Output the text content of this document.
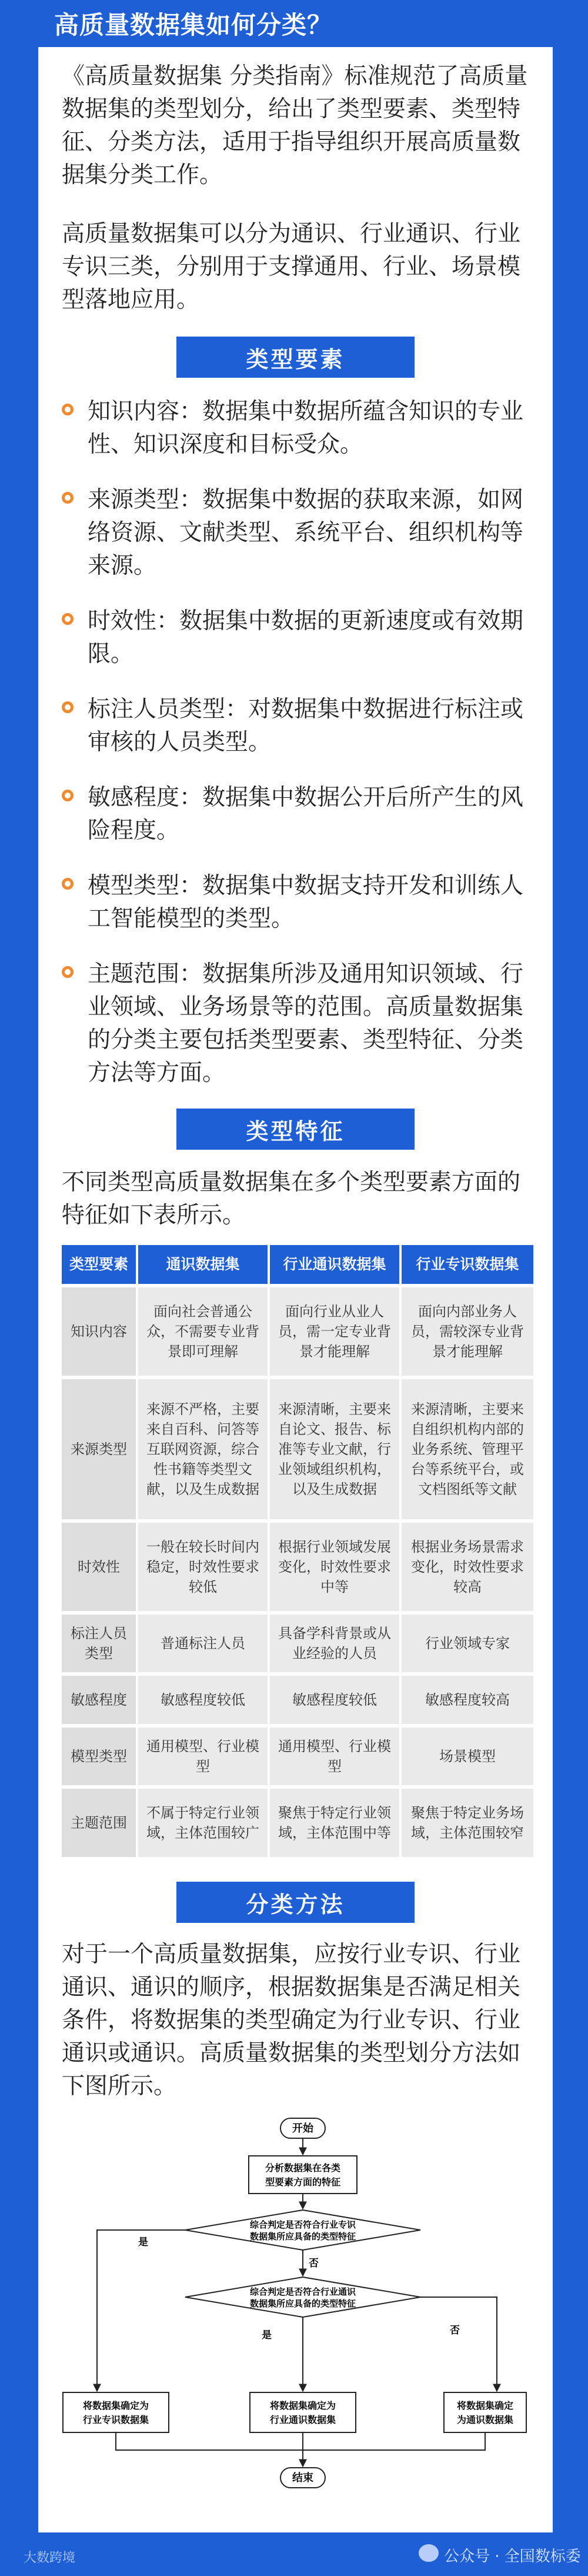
高质量数据集如何分类？

《高质量数据集 分类指南》标准规范了高质量数据集的类型划分，给出了类型要素、类型特征、分类方法，适用于指导组织开展高质量数据集分类工作。

高质量数据集可以分为通识、行业通识、行业专识三类，分别用于支撑通用、行业、场景模型落地应用。

类型要素

知识内容：数据集中数据所蕴含知识的专业性、知识深度和目标受众。

来源类型：数据集中数据的获取来源，如网络资源、文献类型、系统平台、组织机构等来源。

时效性：数据集中数据的更新速度或有效期限。

标注人员类型：对数据集中数据进行标注或审核的人员类型。

敏感程度：数据集中数据公开后所产生的风险程度。

模型类型：数据集中数据支持开发和训练人工智能模型的类型。

主题范围：数据集所涉及通用知识领域、行业领域、业务场景等的范围。高质量数据集的分类主要包括类型要素、类型特征、分类方法等方面。

类型特征

不同类型高质量数据集在多个类型要素方面的特征如下表所示。

类型要素	通识数据集	行业通识数据集	行业专识数据集
知识内容	面向社会普通公众，不需要专业背景即可理解	面向行业从业人员，需一定专业背景才能理解	面向内部业务人员，需较深专业背景才能理解
来源类型	来源不严格，主要来自百科、问答等互联网资源，综合性书籍等类型文献，以及生成数据	来源清晰，主要来自论文、报告、标准等专业文献，行业领域组织机构，以及生成数据	来源清晰，主要来自组织机构内部的业务系统、管理平台等系统平台，或文档图纸等文献
时效性	一般在较长时间内稳定，时效性要求较低	根据行业领域发展变化，时效性要求中等	根据业务场景需求变化，时效性要求较高
标注人员类型	普通标注人员	具备学科背景或从业经验的人员	行业领域专家
敏感程度	敏感程度较低	敏感程度较低	敏感程度较高
模型类型	通用模型、行业模型	通用模型、行业模型	场景模型
主题范围	不属于特定行业领域，主体范围较广	聚焦于特定行业领域，主体范围中等	聚焦于特定业务场域，主体范围较窄
分类方法

对于一个高质量数据集，应按行业专识、行业通识、通识的顺序，根据数据集是否满足相关条件，将数据集的类型确定为行业专识、行业通识或通识。高质量数据集的类型划分方法如下图所示。

开始
分析数据集在各类
型要素方面的特征
综合判定是否符合行业专识
数据集所应具备的类型特征
是
否
综合判定是否符合行业通识
数据集所应具备的类型特征
是	否
将数据集确定为
行业专识数据集
将数据集确定为
行业通识数据集
将数据集确定
为通识数据集
结束
大数跨境	公众号 · 全国数标委
